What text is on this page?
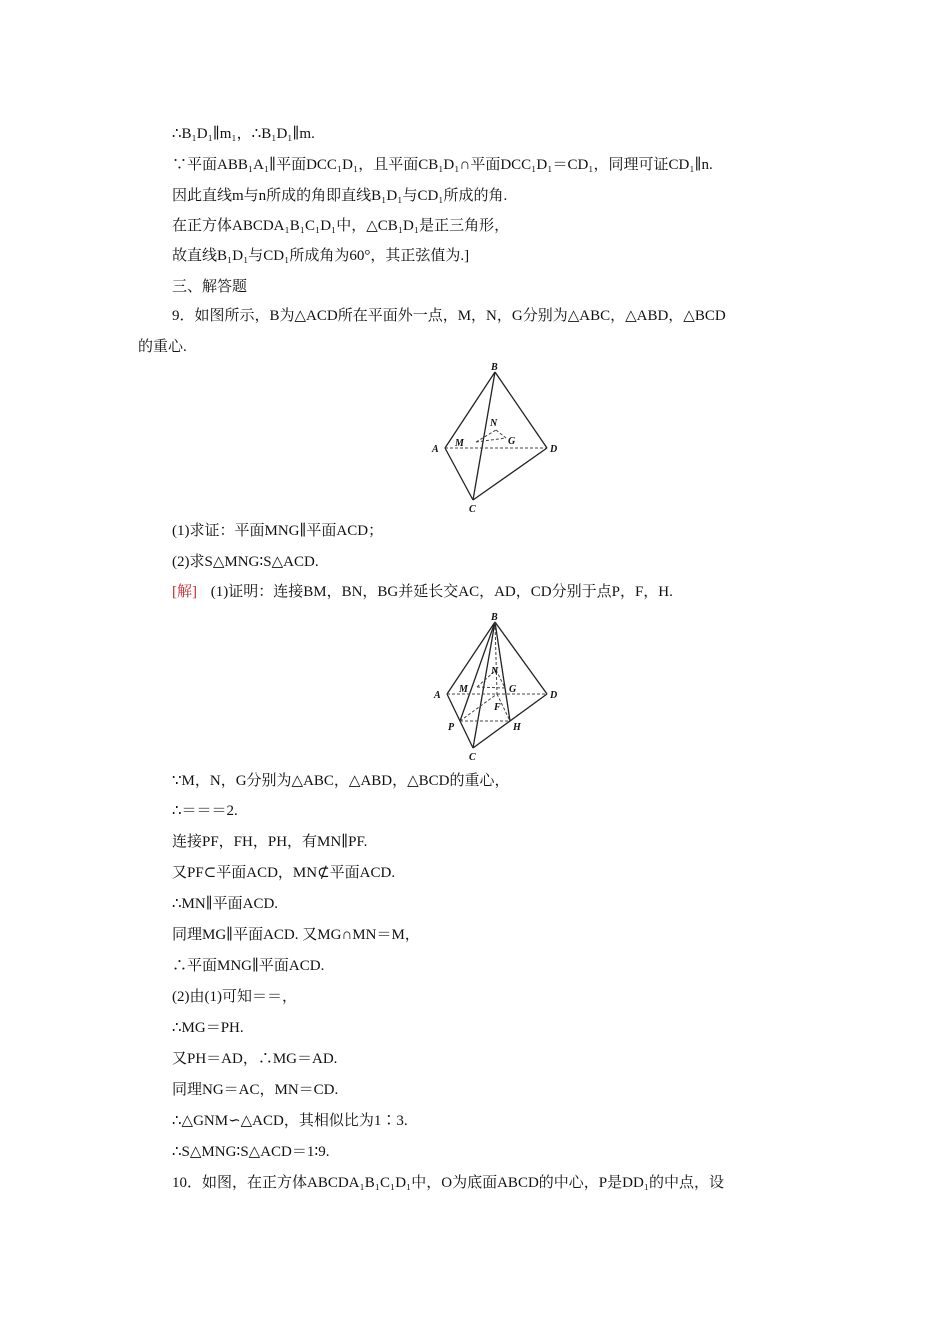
∴B₁D₁∥m₁，∴B₁D₁∥m.
∵平面ABB₁A₁∥平面DCC₁D₁，且平面CB₁D₁∩平面DCC₁D₁＝CD₁，同理可证CD₁∥n.
因此直线m与n所成的角即直线B₁D₁与CD₁所成的角.
在正方体ABCDA₁B₁C₁D₁中，△CB₁D₁是正三角形，
故直线B₁D₁与CD₁所成角为60°，其正弦值为.]
三、解答题
9．如图所示，B为△ACD所在平面外一点，M，N，G分别为△ABC，△ABD，△BCD
的重心.
B
A	D
C
N
M	G
(1)求证：平面MNG∥平面ACD；
(2)求S△MNG∶S△ACD.
[解] (1)证明：连接BM，BN，BG并延长交AC，AD，CD分别于点P，F，H.
B
A	D
C
N
M	G
F
P	H
∵M，N，G分别为△ABC，△ABD，△BCD的重心，
∴＝＝＝2.
连接PF，FH，PH，有MN∥PF.
又PF⊂平面ACD，MN⊄平面ACD.
∴MN∥平面ACD.
同理MG∥平面ACD. 又MG∩MN＝M，
∴平面MNG∥平面ACD.
(2)由(1)可知＝＝，
∴MG＝PH.
又PH＝AD，∴MG＝AD.
同理NG＝AC，MN＝CD.
∴△GNM∽△ACD，其相似比为1∶3.
∴S△MNG∶S△ACD＝1∶9.
10．如图，在正方体ABCDA₁B₁C₁D₁中，O为底面ABCD的中心，P是DD₁的中点，设
